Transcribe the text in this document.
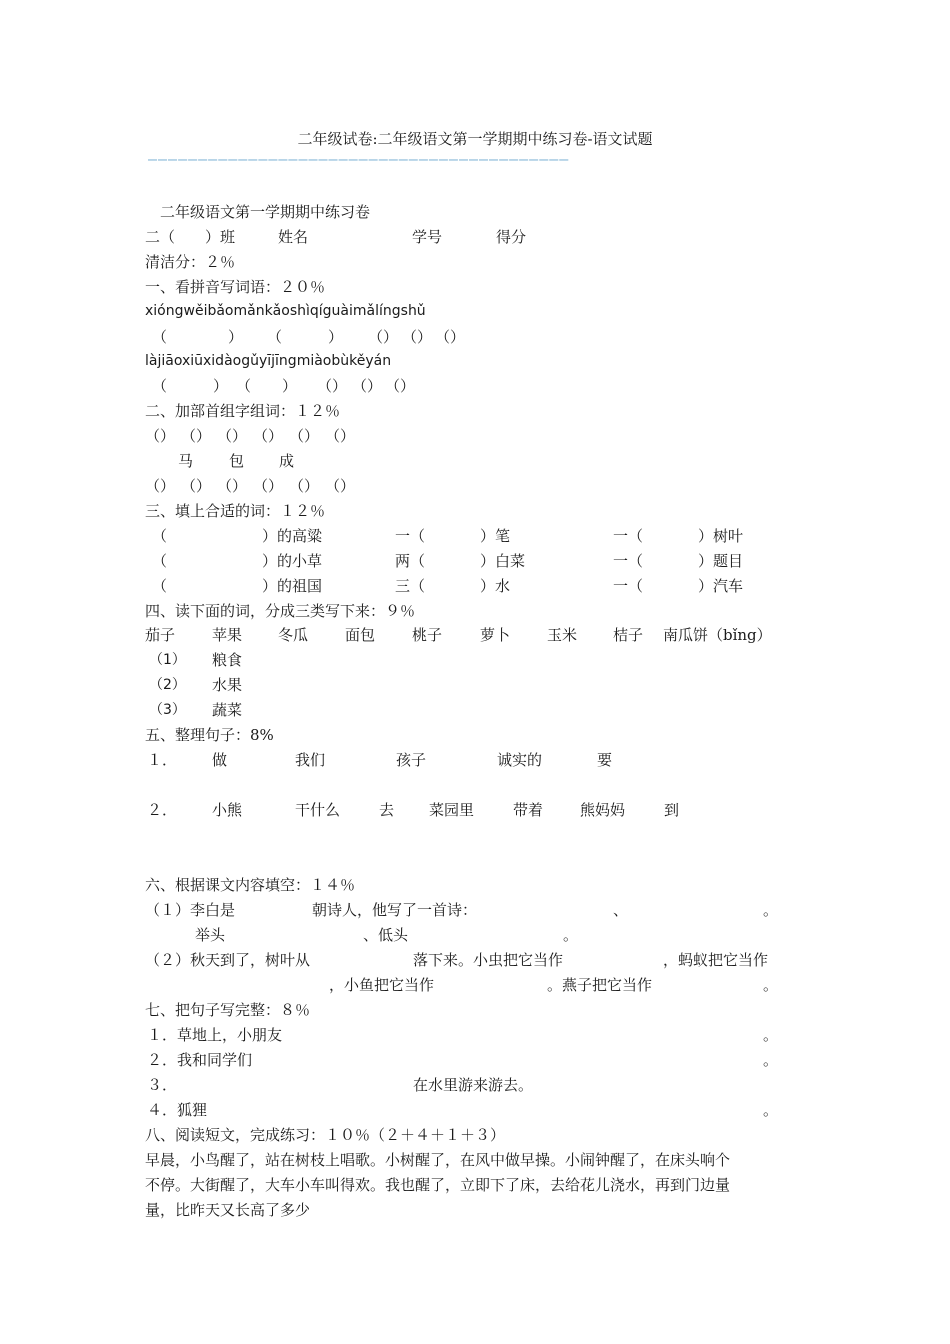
二年级试卷:二年级语文第一学期期中练习卷-语文试题
——————————————————————————————————————————
二年级语文第一学期期中练习卷
二（　　）班	姓名	学号	得分
清洁分：２％
一、看拼音写词语：２０％
xióngwěibǎomǎnkǎoshìqíguàimǎlíngshǔ
（	） （	） （） （） （）
làjiāoxiūxidàogǔyījīngmiàobùkěyán
（	） （ ） （） （） （）
二、加部首组字组词：１２％
（） （） （） （） （） （）
马 包 成
（） （） （） （） （） （）
三、填上合适的词：１２％
（	）的高粱	一（	）笔	一（	）树叶
（	）的小草	两（	）白菜	一（	）题目
（	）的祖国	三（	）水	一（	）汽车
四、读下面的词，分成三类写下来：９％
茄子 苹果 冬瓜 面包 桃子	萝卜 玉米 桔子 南瓜饼（bǐng）
（1） 粮食
（2） 水果
（3） 蔬菜
五、整理句子：8%
１． 做	我们	孩子	诚实的	要
２． 小熊	干什么	去 菜园里	带着 熊妈妈	到
六、根据课文内容填空：１４％
（１）李白是	朝诗人，他写了一首诗：	、	。
举头	、低头	。
（２）秋天到了，树叶从	落下来。小虫把它当作	，蚂蚁把它当作
，小鱼把它当作	。燕子把它当作	。
七、把句子写完整：８％
１．草地上，小朋友	。
２．我和同学们	。
３．	在水里游来游去。
４．狐狸	。
八、阅读短文，完成练习：１０％（２＋４＋１＋３）
早晨，小鸟醒了，站在树枝上唱歌。小树醒了，在风中做早操。小闹钟醒了，在床头响个
不停。大街醒了，大车小车叫得欢。我也醒了，立即下了床，去给花儿浇水，再到门边量
量，比昨天又长高了多少
